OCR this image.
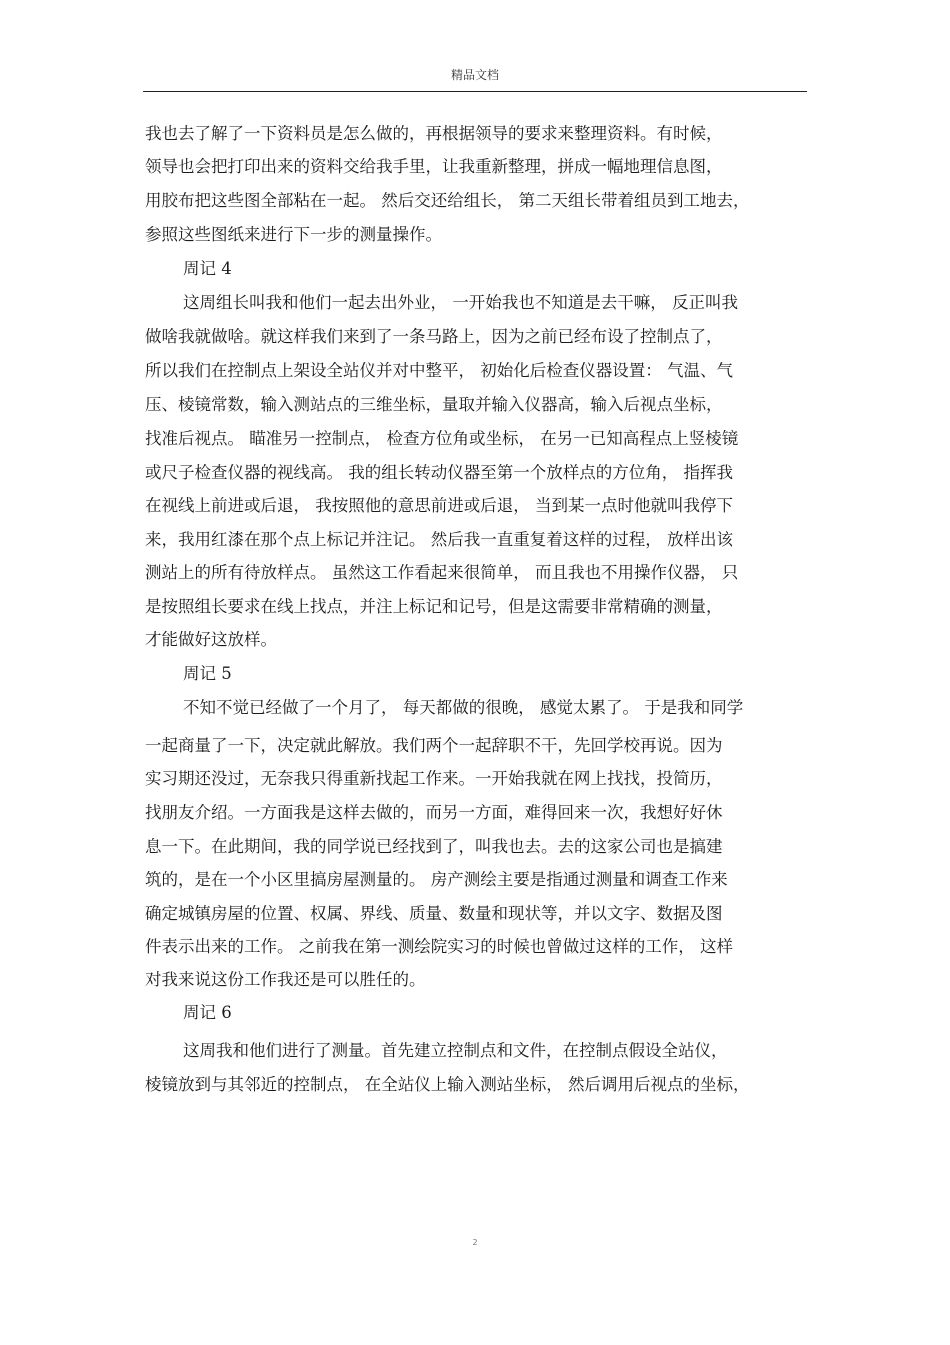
精品文档
我也去了解了一下资料员是怎么做的，再根据领导的要求来整理资料。有时候，
领导也会把打印出来的资料交给我手里，让我重新整理，拼成一幅地理信息图，
用胶布把这些图全部粘在一起。 然后交还给组长， 第二天组长带着组员到工地去，
参照这些图纸来进行下一步的测量操作。
周记 4
这周组长叫我和他们一起去出外业， 一开始我也不知道是去干嘛， 反正叫我
做啥我就做啥。就这样我们来到了一条马路上，因为之前已经布设了控制点了，
所以我们在控制点上架设全站仪并对中整平， 初始化后检查仪器设置： 气温、气
压、棱镜常数，输入测站点的三维坐标，量取并输入仪器高，输入后视点坐标，
找准后视点。 瞄准另一控制点， 检查方位角或坐标， 在另一已知高程点上竖棱镜
或尺子检查仪器的视线高。 我的组长转动仪器至第一个放样点的方位角， 指挥我
在视线上前进或后退， 我按照他的意思前进或后退， 当到某一点时他就叫我停下
来，我用红漆在那个点上标记并注记。 然后我一直重复着这样的过程， 放样出该
测站上的所有待放样点。 虽然这工作看起来很简单， 而且我也不用操作仪器， 只
是按照组长要求在线上找点，并注上标记和记号，但是这需要非常精确的测量，
才能做好这放样。
周记 5
不知不觉已经做了一个月了， 每天都做的很晚， 感觉太累了。 于是我和同学
一起商量了一下，决定就此解放。我们两个一起辞职不干，先回学校再说。因为
实习期还没过，无奈我只得重新找起工作来。一开始我就在网上找找，投简历，
找朋友介绍。一方面我是这样去做的，而另一方面，难得回来一次，我想好好休
息一下。在此期间，我的同学说已经找到了，叫我也去。去的这家公司也是搞建
筑的，是在一个小区里搞房屋测量的。 房产测绘主要是指通过测量和调查工作来
确定城镇房屋的位置、权属、界线、质量、数量和现状等，并以文字、数据及图
件表示出来的工作。 之前我在第一测绘院实习的时候也曾做过这样的工作， 这样
对我来说这份工作我还是可以胜任的。
周记 6
这周我和他们进行了测量。首先建立控制点和文件，在控制点假设全站仪，
棱镜放到与其邻近的控制点， 在全站仪上输入测站坐标， 然后调用后视点的坐标，
2
